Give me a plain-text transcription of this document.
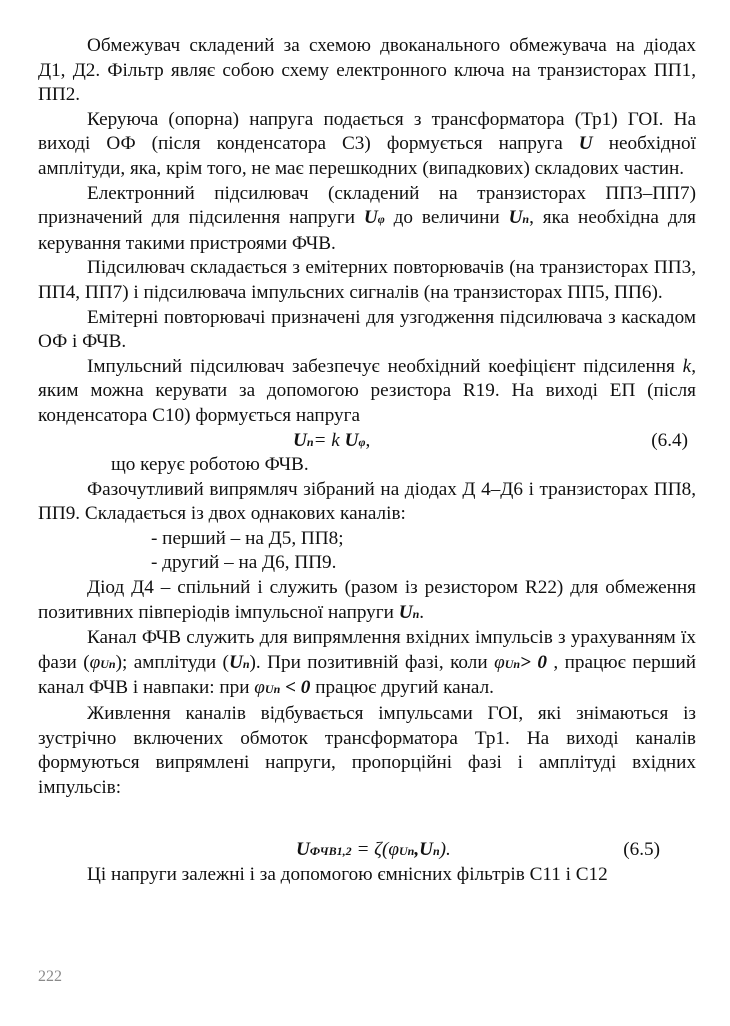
Обмежувач складений за схемою двоканального обмежувача на діодах Д1, Д2. Фільтр являє собою схему електронного ключа на транзисторах ПП1, ПП2.

Керуюча (опорна) напруга подається з трансформатора (Тр1) ГОІ. На виході ОФ (після конденсатора С3) формується напруга U необхідної амплітуди, яка, крім того, не має перешкодних (випадкових) складових частин.

Електронний підсилювач (складений на транзисторах ПП3–ПП7) призначений для підсилення напруги Uφ до величини Uп, яка необхідна для керування такими пристроями ФЧВ.

Підсилювач складається з емітерних повторювачів (на транзисторах ПП3, ПП4, ПП7) і підсилювача імпульсних сигналів (на транзисторах ПП5, ПП6).

Емітерні повторювачі призначені для узгодження підсилювача з каскадом ОФ і ФЧВ.

Імпульсний підсилювач забезпечує необхідний коефіцієнт підсилення k, яким можна керувати за допомогою резистора R19. На виході ЕП (після конденсатора С10) формується напруга

Uп= k Uφ,	(6.4)

що керує роботою ФЧВ.

Фазочутливий випрямляч зібраний на діодах Д 4–Д6 і транзисторах ПП8, ПП9. Складається із двох однакових каналів:

- перший – на Д5, ПП8;
- другий – на Д6, ПП9.

Діод Д4 – спільний і служить (разом із резистором R22) для обмеження позитивних півперіодів імпульсної напруги Uп.

Канал ФЧВ служить для випрямлення вхідних імпульсів з урахуванням їх фази (φUп); амплітуди (Uп). При позитивній фазі, коли φUп> 0 , працює перший канал ФЧВ і навпаки: при φUп < 0 працює другий канал.

Живлення каналів відбувається імпульсами ГОІ, які знімаються із зустрічно включених обмоток трансформатора Тр1. На виході каналів формуються випрямлені напруги, пропорційні фазі і амплітуді вхідних імпульсів:

UФЧВ1,2 = ζ(φUп,Uп).	(6.5)

Ці напруги залежні і за допомогою ємнісних фільтрів С11 і С12

222
